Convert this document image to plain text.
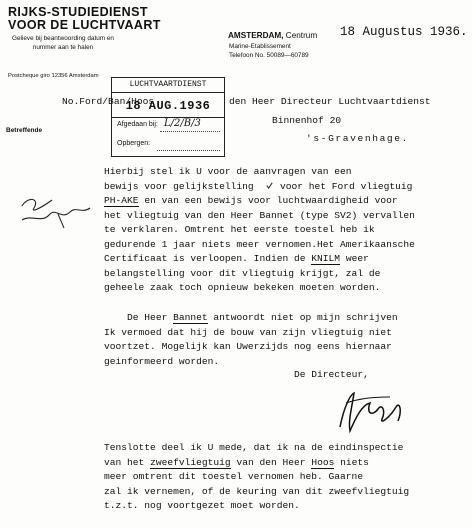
RIJKS-STUDIEDIENST
VOOR DE LUCHTVAART
Gelieve bij beantwoording datum en
nummer aan te halen
Postcheque giro 12356 Amsterdam
Betreffende
AMSTERDAM, Centrum 18 Augustus 1936.
Marine-Etablissement
Telefoon No. 50089—60789
LUCHTVAARTDIENST
18 AUG.1936
Afgedaan bij: L/2/B/3
Opbergen:
No.Ford/Ban/Hoos	den Heer Directeur Luchtvaartdienst
Binnenhof 20
's-Gravenhage.
Hierbij stel ik U voor de aanvragen van een
bewijs voor gelijkstelling	voor het Ford vliegtuig
PH-AKE en van een bewijs voor luchtwaardigheid voor
het vliegtuig van den Heer Bannet (type SV2) vervallen
te verklaren. Omtrent het eerste toestel heb ik
gedurende 1 jaar niets meer vernomen.Het Amerikaansche
Certificaat is verloopen. Indien de KNILM weer
belangstelling voor dit vliegtuig krijgt, zal de
geheele zaak toch opnieuw bekeken moeten worden.
De Heer Bannet antwoordt niet op mijn schrijven
Ik vermoed dat hij de bouw van zijn vliegtuig niet
voortzet. Mogelijk kan Uwerzijds nog eens hiernaar
geinformeerd worden.
De Directeur,
Tenslotte deel ik U mede, dat ik na de eindinspectie
van het zweefvliegtuig van den Heer Hoos niets
meer omtrent dit toestel vernomen heb. Gaarne
zal ik vernemen, of de keuring van dit zweefvliegtuig
t.z.t. nog voortgezet moet worden.
